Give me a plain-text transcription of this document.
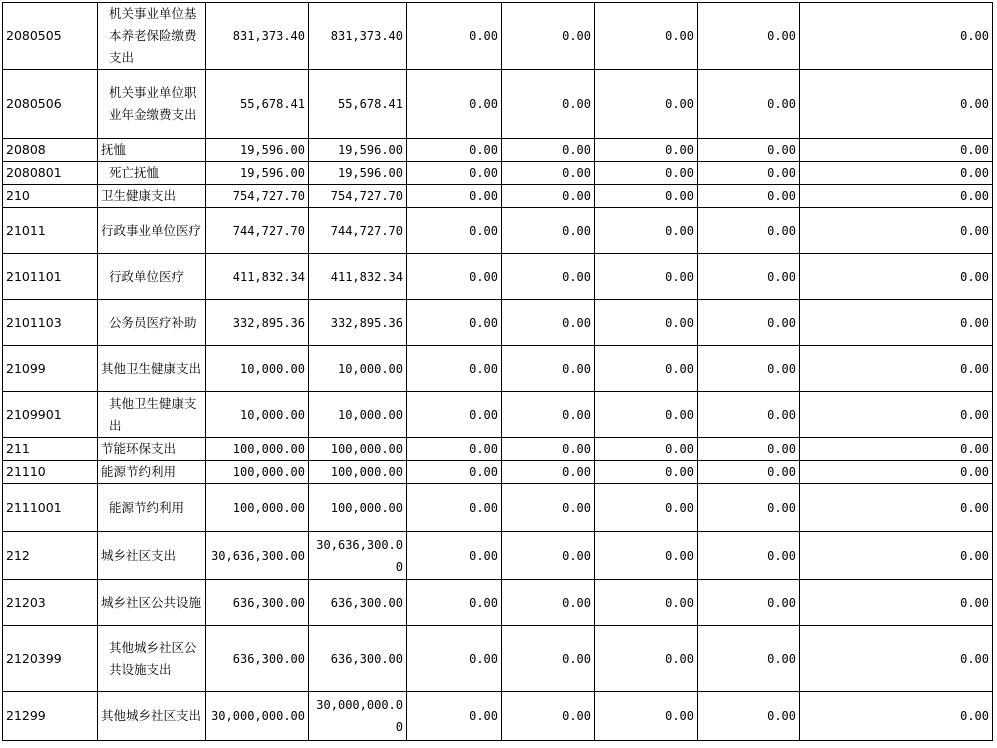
2080505	机关事业单位基本养老保险缴费支出	831,373.40	831,373.40	0.00	0.00	0.00	0.00	0.00
2080506	机关事业单位职业年金缴费支出	55,678.41	55,678.41	0.00	0.00	0.00	0.00	0.00
20808	抚恤	19,596.00	19,596.00	0.00	0.00	0.00	0.00	0.00
2080801	死亡抚恤	19,596.00	19,596.00	0.00	0.00	0.00	0.00	0.00
210	卫生健康支出	754,727.70	754,727.70	0.00	0.00	0.00	0.00	0.00
21011	行政事业单位医疗	744,727.70	744,727.70	0.00	0.00	0.00	0.00	0.00
2101101	行政单位医疗	411,832.34	411,832.34	0.00	0.00	0.00	0.00	0.00
2101103	公务员医疗补助	332,895.36	332,895.36	0.00	0.00	0.00	0.00	0.00
21099	其他卫生健康支出	10,000.00	10,000.00	0.00	0.00	0.00	0.00	0.00
2109901	其他卫生健康支出	10,000.00	10,000.00	0.00	0.00	0.00	0.00	0.00
211	节能环保支出	100,000.00	100,000.00	0.00	0.00	0.00	0.00	0.00
21110	能源节约利用	100,000.00	100,000.00	0.00	0.00	0.00	0.00	0.00
2111001	能源节约利用	100,000.00	100,000.00	0.00	0.00	0.00	0.00	0.00
212	城乡社区支出	30,636,300.00	30,636,300.00	0.00	0.00	0.00	0.00	0.00
21203	城乡社区公共设施	636,300.00	636,300.00	0.00	0.00	0.00	0.00	0.00
2120399	其他城乡社区公共设施支出	636,300.00	636,300.00	0.00	0.00	0.00	0.00	0.00
21299	其他城乡社区支出	30,000,000.00	30,000,000.00	0.00	0.00	0.00	0.00	0.00
